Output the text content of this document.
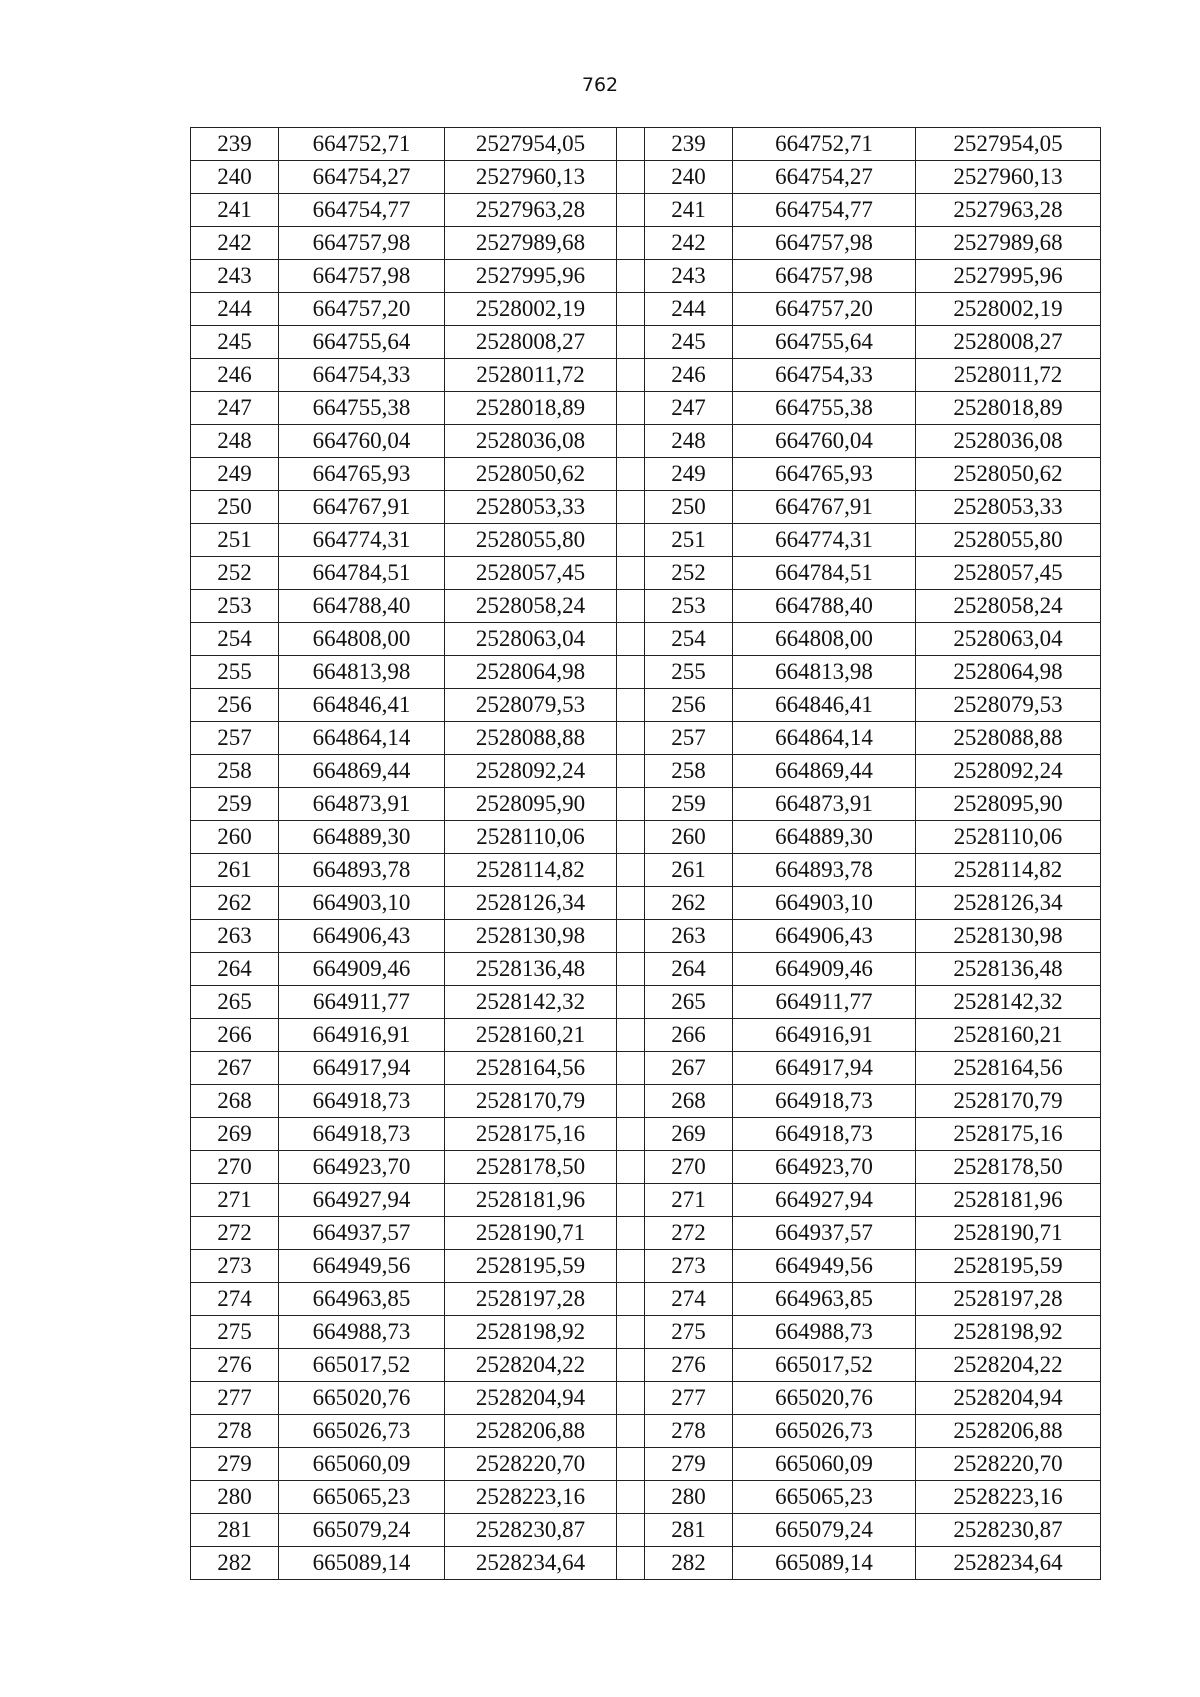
762
239	664752,71	2527954,05		239	664752,71	2527954,05
240	664754,27	2527960,13		240	664754,27	2527960,13
241	664754,77	2527963,28		241	664754,77	2527963,28
242	664757,98	2527989,68		242	664757,98	2527989,68
243	664757,98	2527995,96		243	664757,98	2527995,96
244	664757,20	2528002,19		244	664757,20	2528002,19
245	664755,64	2528008,27		245	664755,64	2528008,27
246	664754,33	2528011,72		246	664754,33	2528011,72
247	664755,38	2528018,89		247	664755,38	2528018,89
248	664760,04	2528036,08		248	664760,04	2528036,08
249	664765,93	2528050,62		249	664765,93	2528050,62
250	664767,91	2528053,33		250	664767,91	2528053,33
251	664774,31	2528055,80		251	664774,31	2528055,80
252	664784,51	2528057,45		252	664784,51	2528057,45
253	664788,40	2528058,24		253	664788,40	2528058,24
254	664808,00	2528063,04		254	664808,00	2528063,04
255	664813,98	2528064,98		255	664813,98	2528064,98
256	664846,41	2528079,53		256	664846,41	2528079,53
257	664864,14	2528088,88		257	664864,14	2528088,88
258	664869,44	2528092,24		258	664869,44	2528092,24
259	664873,91	2528095,90		259	664873,91	2528095,90
260	664889,30	2528110,06		260	664889,30	2528110,06
261	664893,78	2528114,82		261	664893,78	2528114,82
262	664903,10	2528126,34		262	664903,10	2528126,34
263	664906,43	2528130,98		263	664906,43	2528130,98
264	664909,46	2528136,48		264	664909,46	2528136,48
265	664911,77	2528142,32		265	664911,77	2528142,32
266	664916,91	2528160,21		266	664916,91	2528160,21
267	664917,94	2528164,56		267	664917,94	2528164,56
268	664918,73	2528170,79		268	664918,73	2528170,79
269	664918,73	2528175,16		269	664918,73	2528175,16
270	664923,70	2528178,50		270	664923,70	2528178,50
271	664927,94	2528181,96		271	664927,94	2528181,96
272	664937,57	2528190,71		272	664937,57	2528190,71
273	664949,56	2528195,59		273	664949,56	2528195,59
274	664963,85	2528197,28		274	664963,85	2528197,28
275	664988,73	2528198,92		275	664988,73	2528198,92
276	665017,52	2528204,22		276	665017,52	2528204,22
277	665020,76	2528204,94		277	665020,76	2528204,94
278	665026,73	2528206,88		278	665026,73	2528206,88
279	665060,09	2528220,70		279	665060,09	2528220,70
280	665065,23	2528223,16		280	665065,23	2528223,16
281	665079,24	2528230,87		281	665079,24	2528230,87
282	665089,14	2528234,64		282	665089,14	2528234,64
